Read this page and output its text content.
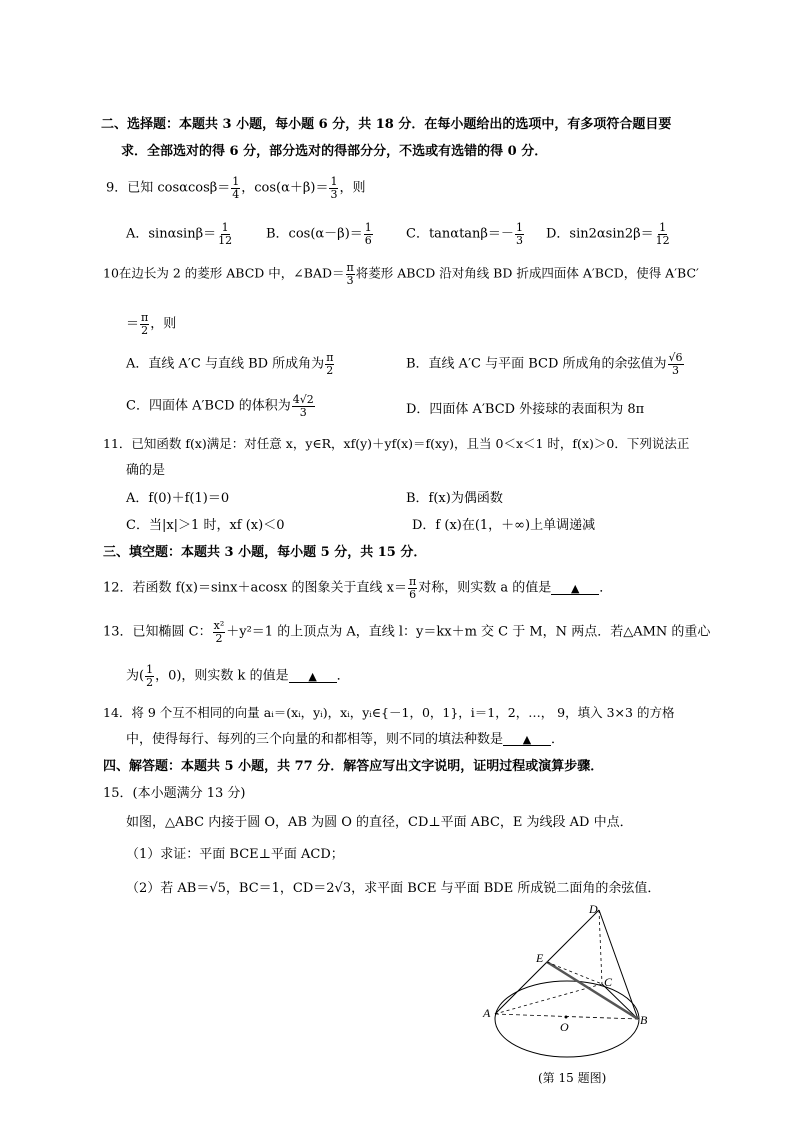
二、选择题：本题共 3 小题，每小题 6 分，共 18 分．在每小题给出的选项中，有多项符合题目要
求．全部选对的得 6 分，部分选对的得部分分，不选或有选错的得 0 分．
9．已知 $\cos\alpha\cos\beta= \frac{1}{4}$ ，$\cos(\alpha+\beta)= \frac{1}{3}$ ，则
A．$\sin\alpha\sin\beta= \frac{1}{12}$	B．$\cos(\alpha-\beta)= \frac{1}{6}$	C．$\tan\alpha\tan\beta=- \frac{1}{3}$ D．$\sin 2\alpha\sin 2\beta= \frac{1}{12}$
10在边长为 2 的菱形 ABCD 中，∠BAD＝ $\frac{\pi}{3}$ 将菱形 ABCD 沿对角线 BD 折成四面体 A′BCD，使得 A′BC′
＝ $\frac{\pi}{2}$ ，则
A．直线 A′C 与直线 BD 所成角为 $\frac{\pi}{2}$	B．直线 A′C 与平面 BCD 所成角的余弦值为 $\frac{√6}{3}$
C．四面体 A′BCD 的体积为 $\frac{4√2}{3}$	D．四面体 A′BCD 外接球的表面积为 8π
11．已知函数 f(x)满足：对任意 x，y∈R，xf(y)＋yf(x)＝f(xy)，且当 0＜x＜1 时，f(x)＞0．下列说法正
确的是
A．f(0)＋f(1)＝0	B．f(x)为偶函数
C．当|x|＞1 时，xf (x)＜0	D．f (x)在(1，＋∞)上单调递减
三、填空题：本题共 3 小题，每小题 5 分，共 15 分．
12．若函数 f(x)＝sinx＋acosx 的图象关于直线 $x= \frac{\pi}{6}$ 对称，则实数 a 的值是 ▲ ．
13．已知椭圆 C： $\frac{\text{x²}}{2} +y^2=1$ 的上顶点为 A，直线 l：y＝kx＋m 交 C 于 M，N 两点．若△AMN 的重心
为( $\frac{1}{2}$ ，0)，则实数 k 的值是 ▲ ．
14．将 9 个互不相同的向量 aᵢ＝(xᵢ，yᵢ)，xᵢ，yᵢ∈{－1，0，1}，i＝1，2，…， 9，填入 3×3 的方格
中，使得每行、每列的三个向量的和都相等，则不同的填法种数是 ▲ ．
四、解答题：本题共 5 小题，共 77 分．解答应写出文字说明，证明过程或演算步骤．
15．(本小题满分 13 分)
如图，△ABC 内接于圆 O，AB 为圆 O 的直径，CD⊥平面 ABC，E 为线段 AD 中点．
（1）求证：平面 BCE⊥平面 ACD；
（2）若 AB＝√5，BC＝1，CD＝2√3，求平面 BCE 与平面 BDE 所成锐二面角的余弦值．
D
E
C
A
O	B
(第 15 题图)
